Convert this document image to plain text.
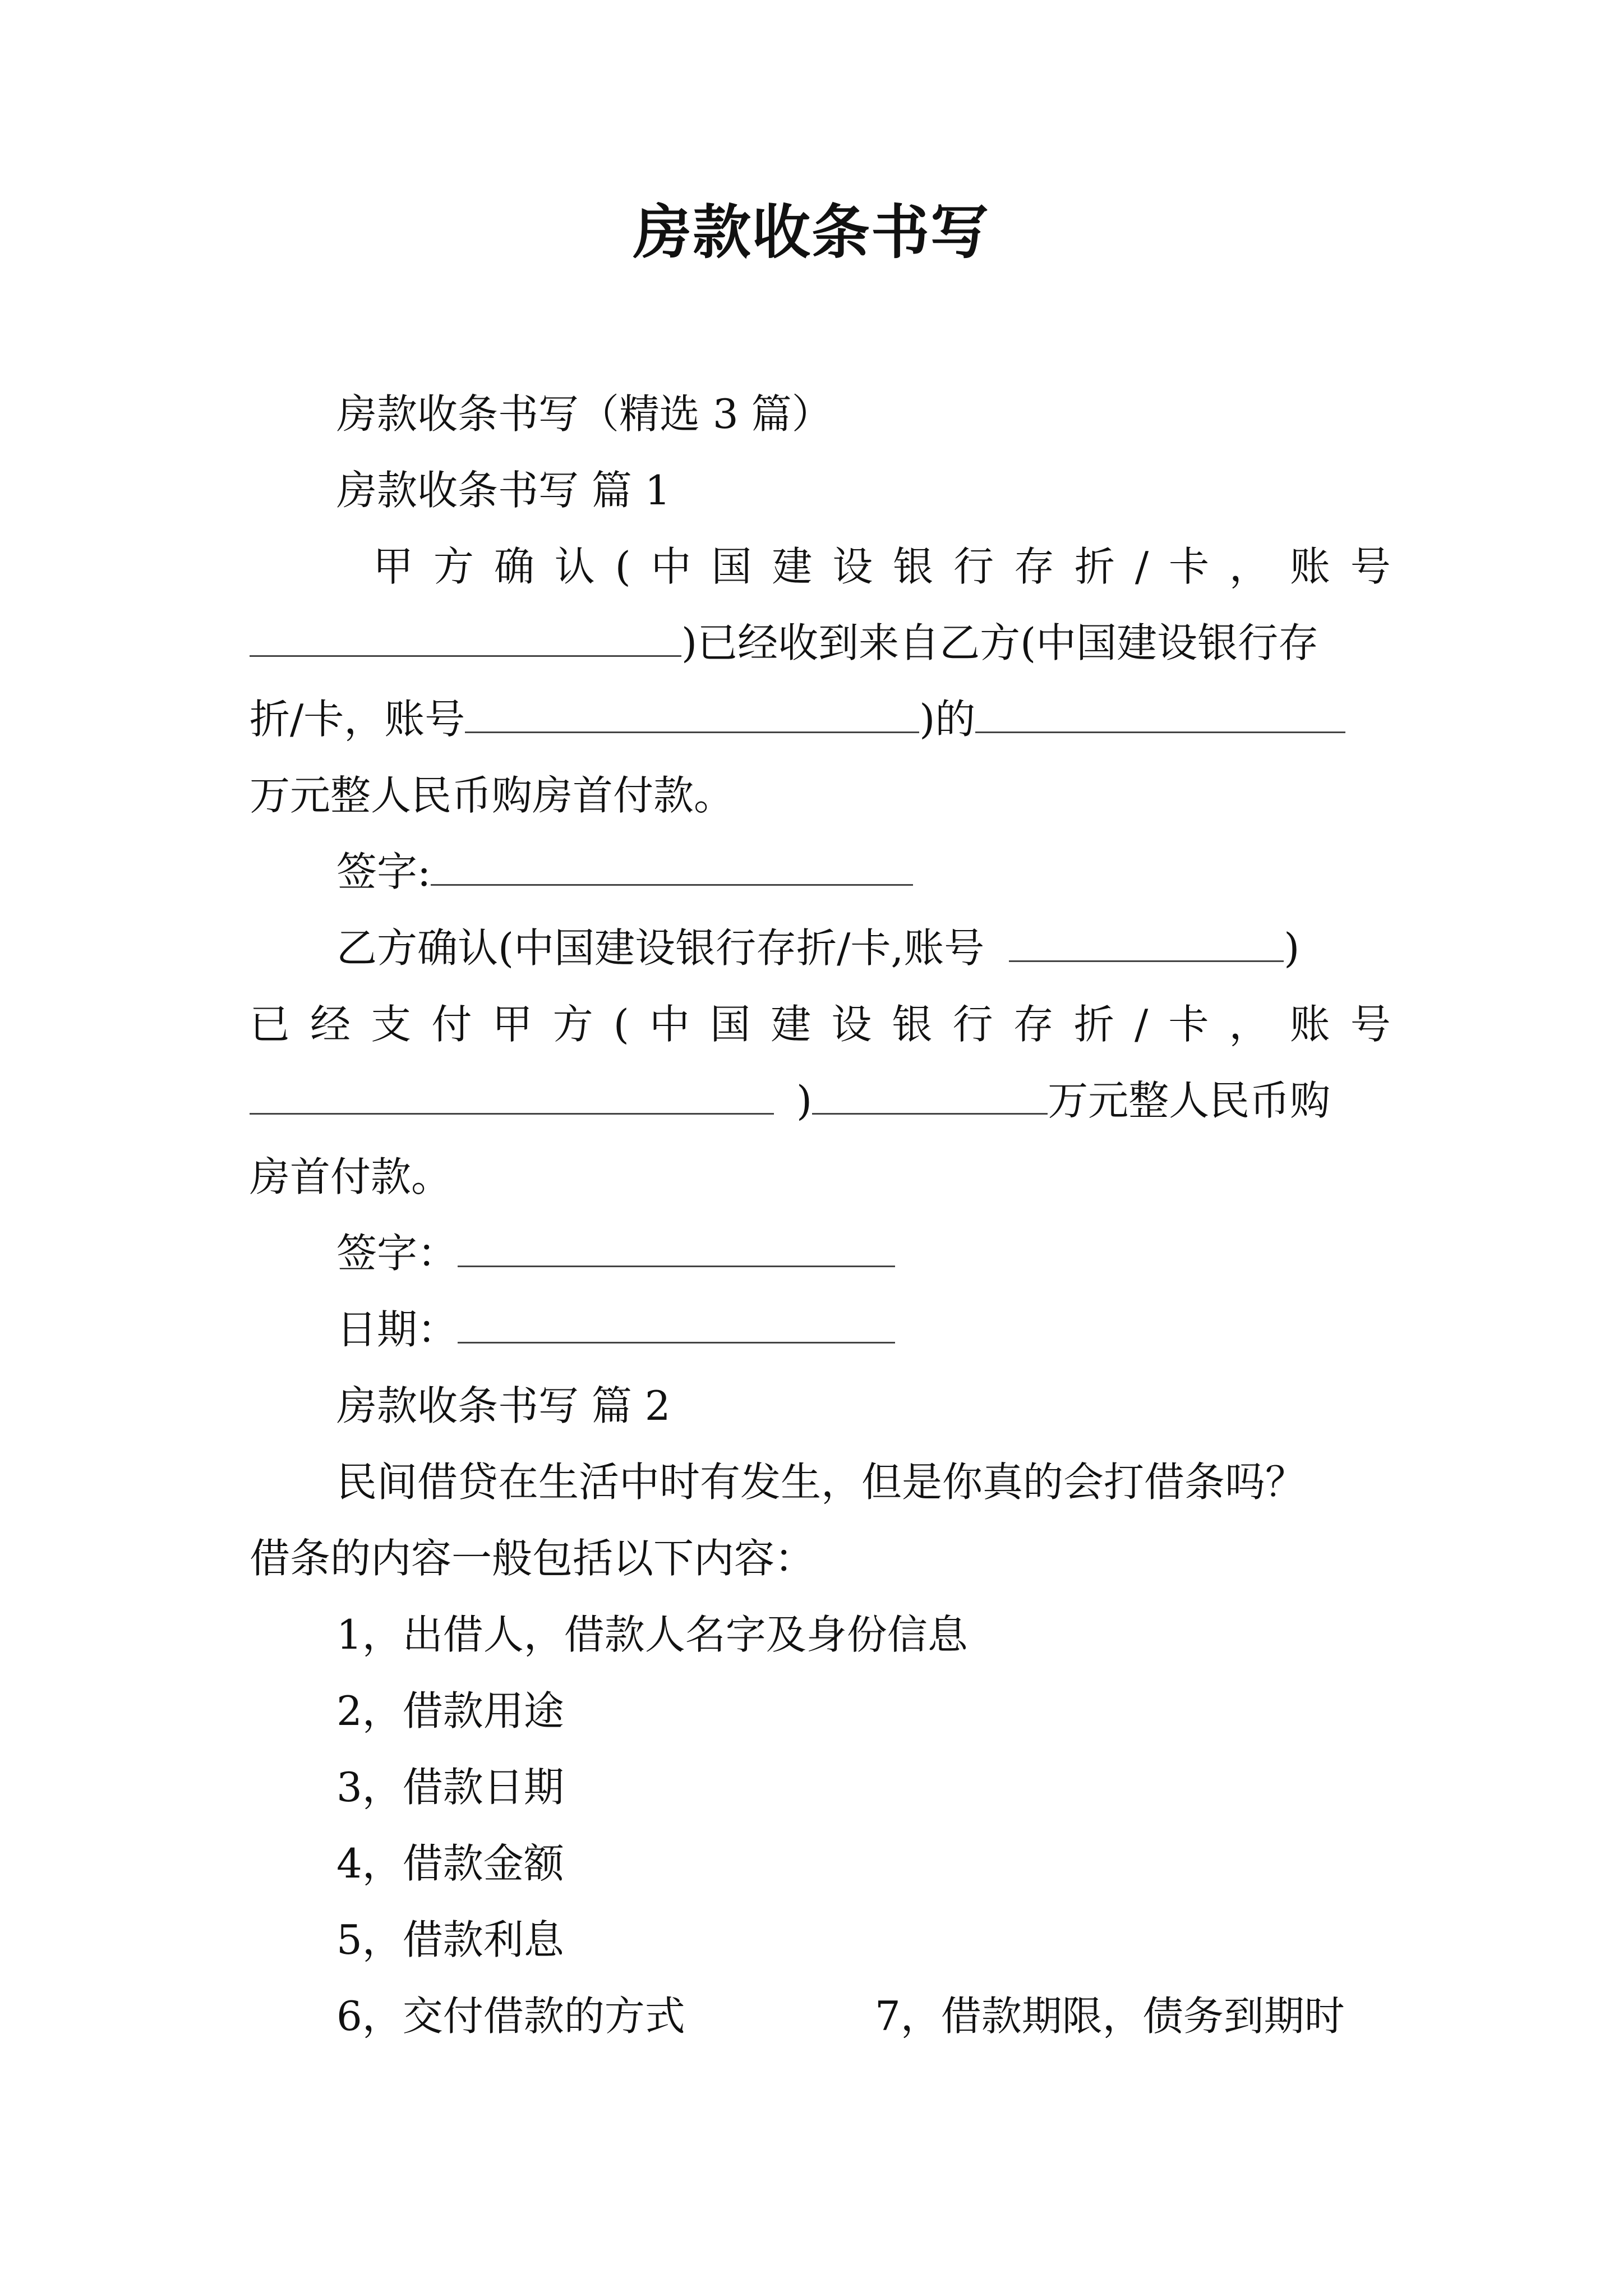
房款收条书写
房款收条书写（精选 3 篇）
房款收条书写 篇 1
甲 方 确 认 ( 中 国 建 设 银 行 存 折 / 卡 ， 账 号
)已经收到来自乙方(中国建设银行存
折/卡，账号	)的
万元整人民币购房首付款。
签字:
乙方确认(中国建设银行存折/卡,账号	)
已 经 支 付 甲 方 ( 中 国 建 设 银 行 存 折 / 卡 ， 账 号
)	万元整人民币购
房首付款。
签字：
日期：
房款收条书写 篇 2
民间借贷在生活中时有发生，但是你真的会打借条吗？
借条的内容一般包括以下内容：
1，出借人，借款人名字及身份信息
2，借款用途
3，借款日期
4，借款金额
5，借款利息
6，交付借款的方式	7，借款期限，债务到期时
